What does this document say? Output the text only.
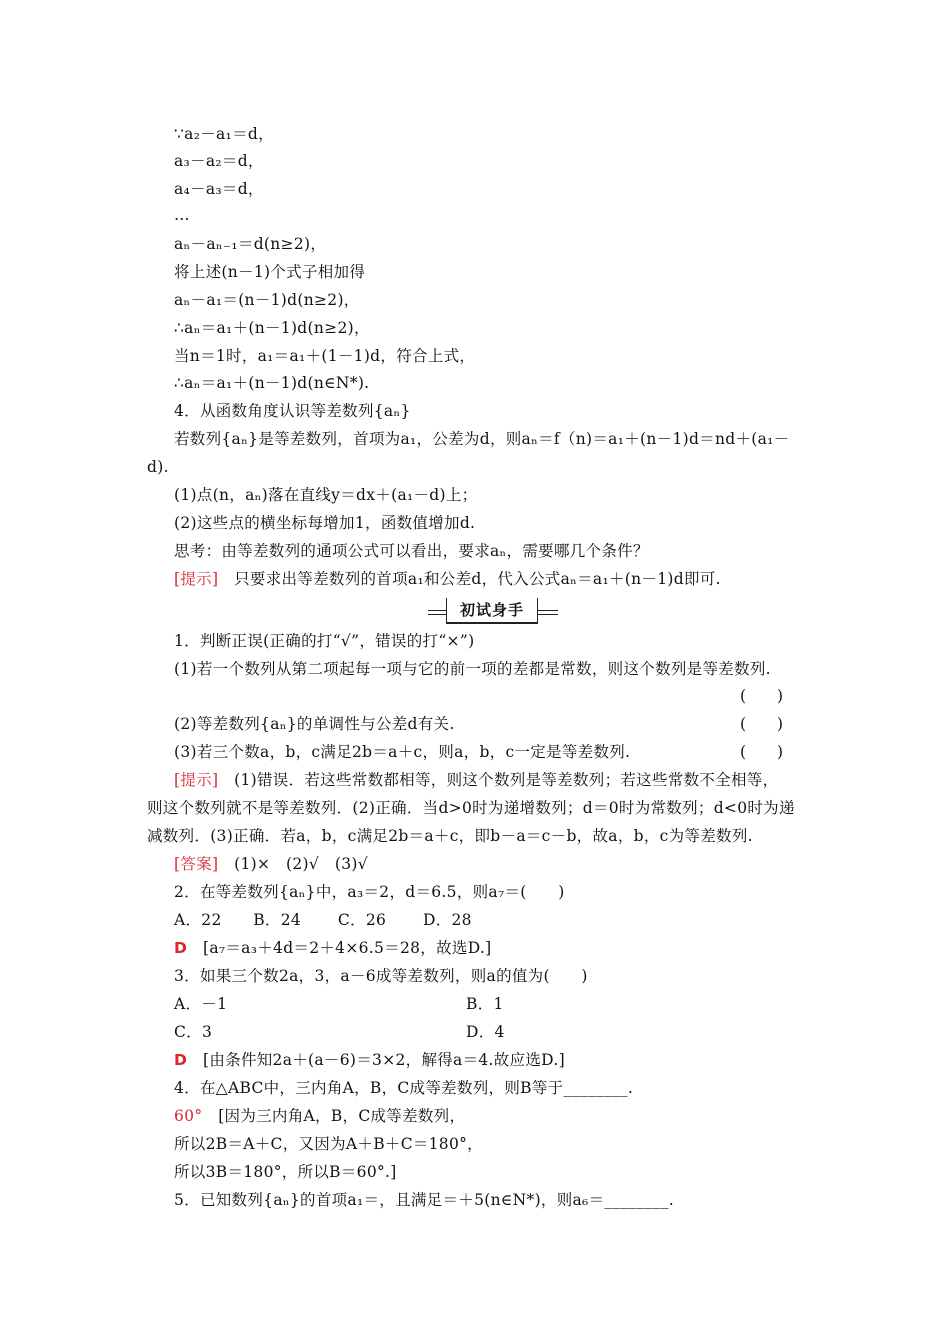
∵a₂－a₁＝d，
a₃－a₂＝d，
a₄－a₃＝d，
…
aₙ－aₙ₋₁＝d(n≥2)，
将上述(n－1)个式子相加得
aₙ－a₁＝(n－1)d(n≥2)，
∴aₙ＝a₁＋(n－1)d(n≥2)，
当n＝1时，a₁＝a₁＋(1－1)d，符合上式，
∴aₙ＝a₁＋(n－1)d(n∈N*).
4．从函数角度认识等差数列{aₙ}
若数列{aₙ}是等差数列，首项为a₁，公差为d，则aₙ＝f（n)＝a₁＋(n－1)d＝nd＋(a₁－
d).
(1)点(n，aₙ)落在直线y＝dx＋(a₁－d)上；
(2)这些点的横坐标每增加1，函数值增加d.
思考：由等差数列的通项公式可以看出，要求aₙ，需要哪几个条件？
[提示]　 只要求出等差数列的首项a₁和公差d，代入公式aₙ＝a₁＋(n－1)d即可.
初试身手
1．判断正误(正确的打“√”，错误的打“×”)
(1)若一个数列从第二项起每一项与它的前一项的差都是常数，则这个数列是等差数列.
(　　)
(2)等差数列{aₙ}的单调性与公差d有关.	(　　)
(3)若三个数a，b，c满足2b＝a＋c，则a，b，c一定是等差数列.	(　　)
[提示]　 (1)错误．若这些常数都相等，则这个数列是等差数列；若这些常数不全相等，
则这个数列就不是等差数列．(2)正确．当d>0时为递增数列；d＝0时为常数列；d<0时为递
减数列．(3)正确．若a，b，c满足2b＝a＋c，即b－a＝c－b，故a，b，c为等差数列.
[答案]　 (1)×　(2)√　(3)√
2．在等差数列{aₙ}中，a₃＝2，d＝6.5，则a₇＝(　　)
A．22　　B．24　　 C．26　　 D．28
D　 [a₇＝a₃＋4d＝2＋4×6.5＝28，故选D.]
3．如果三个数2a，3，a－6成等差数列，则a的值为(　　)
A．－1	B．1
C．3	D．4
D　 [由条件知2a＋(a－6)＝3×2，解得a＝4.故应选D.]
4．在△ABC中，三内角A，B，C成等差数列，则B等于________.
60°　 [因为三内角A，B，C成等差数列，
所以2B＝A＋C，又因为A＋B＋C＝180°，
所以3B＝180°，所以B＝60°.]
5．已知数列{aₙ}的首项a₁＝，且满足＝＋5(n∈N*)，则a₆＝________.
